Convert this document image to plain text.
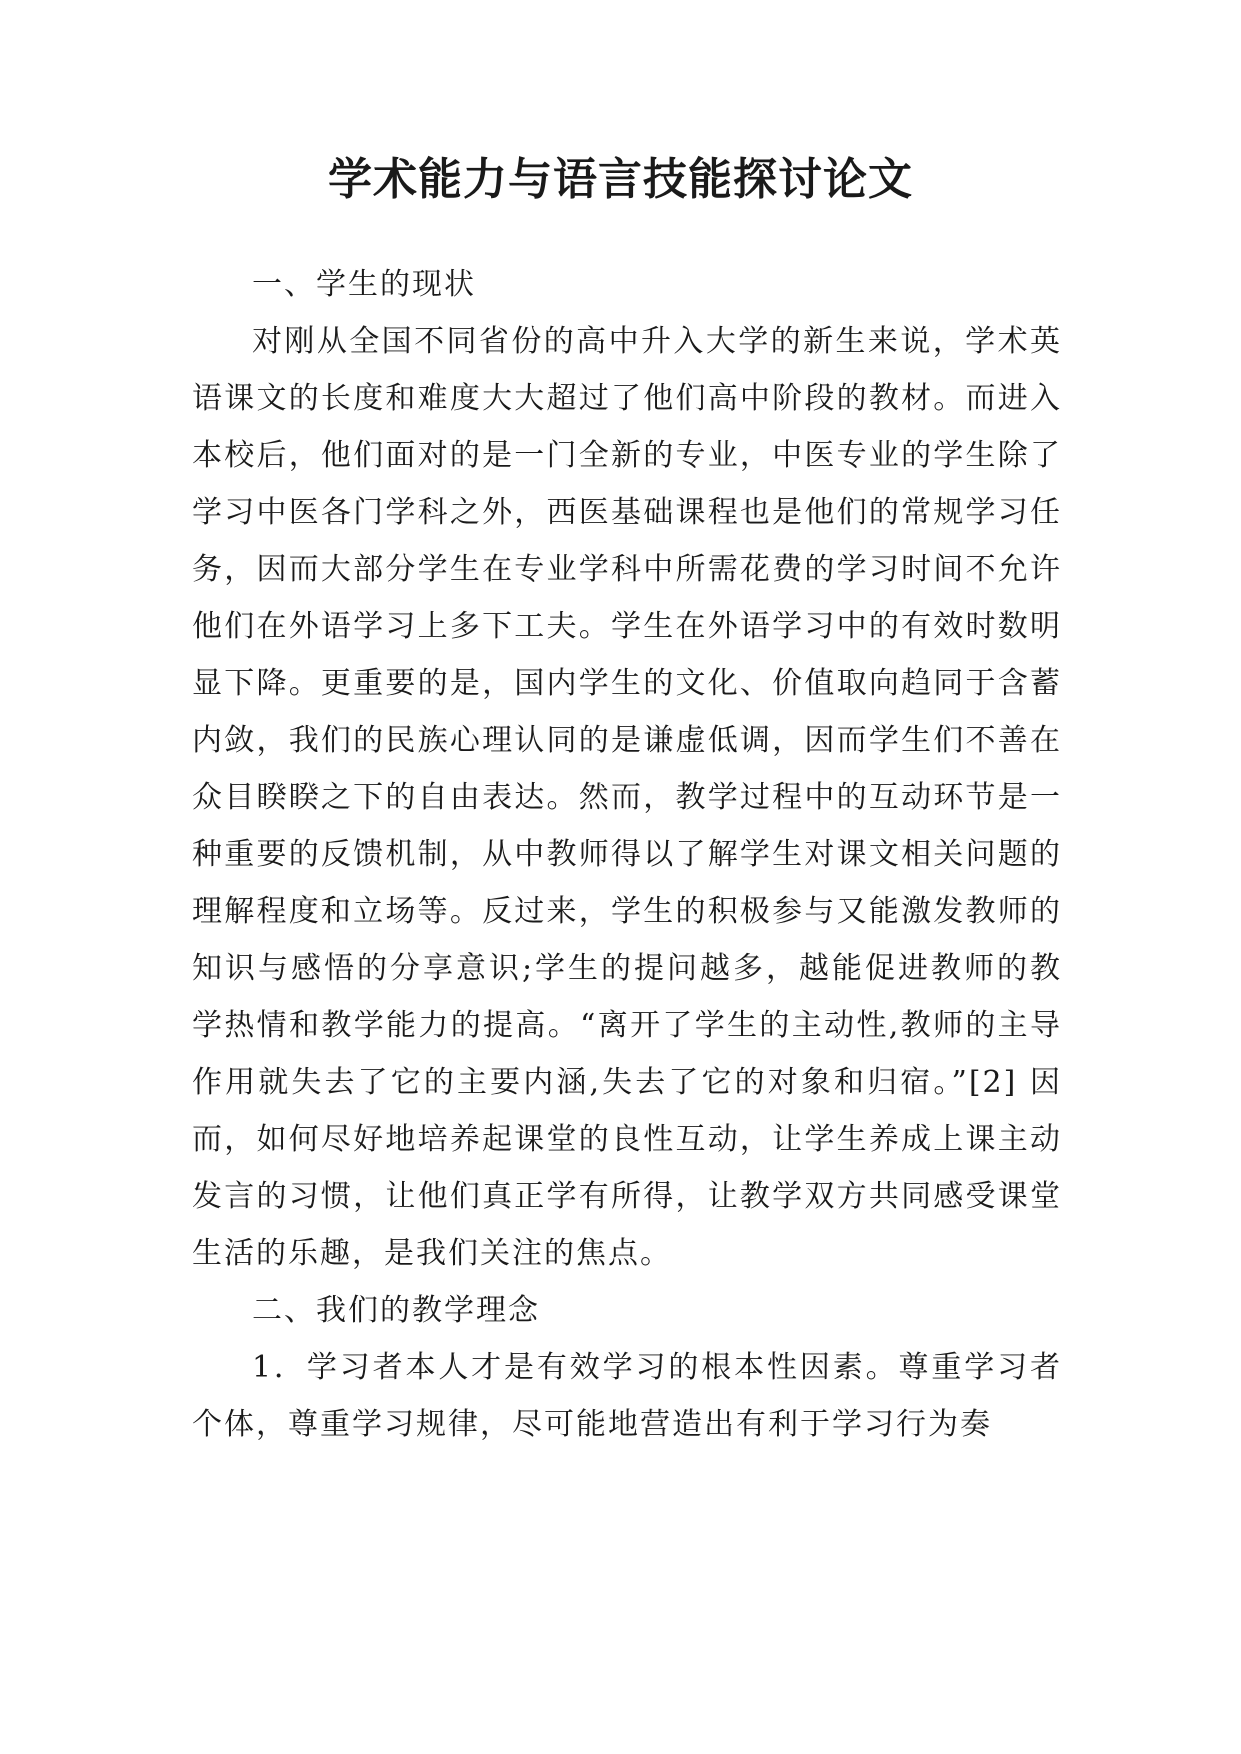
学术能力与语言技能探讨论文

一、学生的现状

对刚从全国不同省份的高中升入大学的新生来说，学术英语课文的长度和难度大大超过了他们高中阶段的教材。而进入本校后，他们面对的是一门全新的专业，中医专业的学生除了学习中医各门学科之外，西医基础课程也是他们的常规学习任务，因而大部分学生在专业学科中所需花费的学习时间不允许他们在外语学习上多下工夫。学生在外语学习中的有效时数明显下降。更重要的是，国内学生的文化、价值取向趋同于含蓄内敛，我们的民族心理认同的是谦虚低调，因而学生们不善在众目睽睽之下的自由表达。然而，教学过程中的互动环节是一种重要的反馈机制，从中教师得以了解学生对课文相关问题的理解程度和立场等。反过来，学生的积极参与又能激发教师的知识与感悟的分享意识;学生的提问越多，越能促进教师的教学热情和教学能力的提高。“离开了学生的主动性,教师的主导作用就失去了它的主要内涵,失去了它的对象和归宿。”[2] 因而，如何尽好地培养起课堂的良性互动，让学生养成上课主动发言的习惯，让他们真正学有所得，让教学双方共同感受课堂生活的乐趣，是我们关注的焦点。

二、我们的教学理念

1．学习者本人才是有效学习的根本性因素。尊重学习者个体，尊重学习规律，尽可能地营造出有利于学习行为奏
